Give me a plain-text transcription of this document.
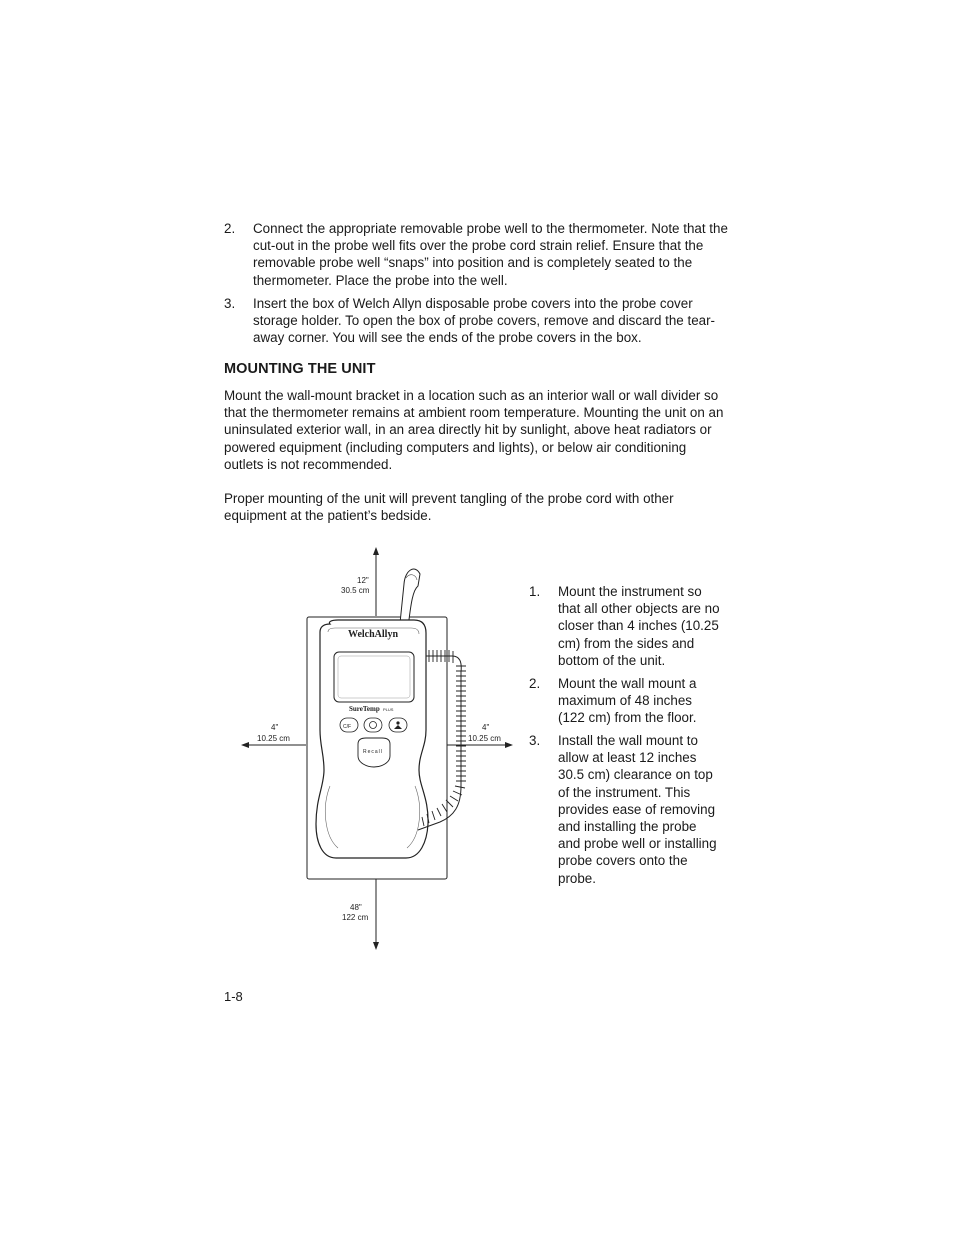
2. Connect the appropriate removable probe well to the thermometer. Note that the cut-out in the probe well fits over the probe cord strain relief. Ensure that the removable probe well “snaps” into position and is completely seated to the thermometer. Place the probe into the well.
3. Insert the box of Welch Allyn disposable probe covers into the probe cover storage holder. To open the box of probe covers, remove and discard the tear-away corner. You will see the ends of the probe covers in the box.
MOUNTING THE UNIT
Mount the wall-mount bracket in a location such as an interior wall or wall divider so that the thermometer remains at ambient room temperature. Mounting the unit on an uninsulated exterior wall, in an area directly hit by sunlight, above heat radiators or powered equipment (including computers and lights), or below air conditioning outlets is not recommended.
Proper mounting of the unit will prevent tangling of the probe cord with other equipment at the patient’s bedside.
12"
30.5 cm
48"
122 cm
4"
10.25 cm
4"
10.25 cm
WelchAllyn
SureTemp PLUS
C/F
Recall
1. Mount the instrument so that all other objects are no closer than 4 inches (10.25 cm) from the sides and bottom of the unit.
2. Mount the wall mount a maximum of 48 inches (122 cm) from the floor.
3. Install the wall mount to allow at least 12 inches 30.5 cm) clearance on top of the instrument. This provides ease of removing and installing the probe and probe well or installing probe covers onto the probe.
1-8
